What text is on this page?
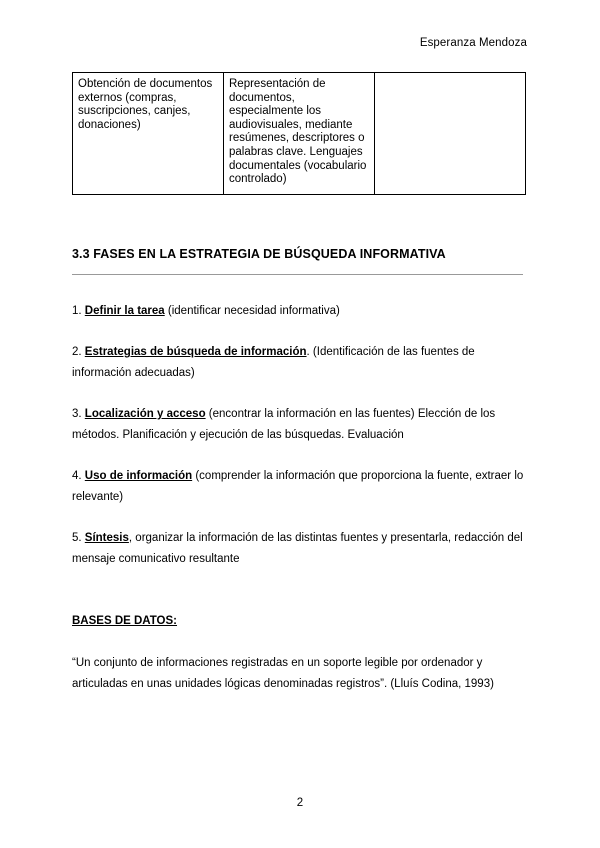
Esperanza Mendoza
Obtención de documentos externos (compras, suscripciones, canjes, donaciones)	Representación de documentos, especialmente los audiovisuales, mediante resúmenes, descriptores o palabras clave. Lenguajes documentales (vocabulario controlado)	
3.3 FASES EN LA ESTRATEGIA DE BÚSQUEDA INFORMATIVA
1. Definir la tarea (identificar necesidad informativa)
2. Estrategias de búsqueda de información. (Identificación de las fuentes de información adecuadas)
3. Localización y acceso (encontrar la información en las fuentes) Elección de los métodos. Planificación y ejecución de las búsquedas. Evaluación
4. Uso de información (comprender la información que proporciona la fuente, extraer lo relevante)
5. Síntesis, organizar la información de las distintas fuentes y presentarla, redacción del mensaje comunicativo resultante
BASES DE DATOS:
“Un conjunto de informaciones registradas en un soporte legible por ordenador y articuladas en unas unidades lógicas denominadas registros”. (Lluís Codina, 1993)
2
